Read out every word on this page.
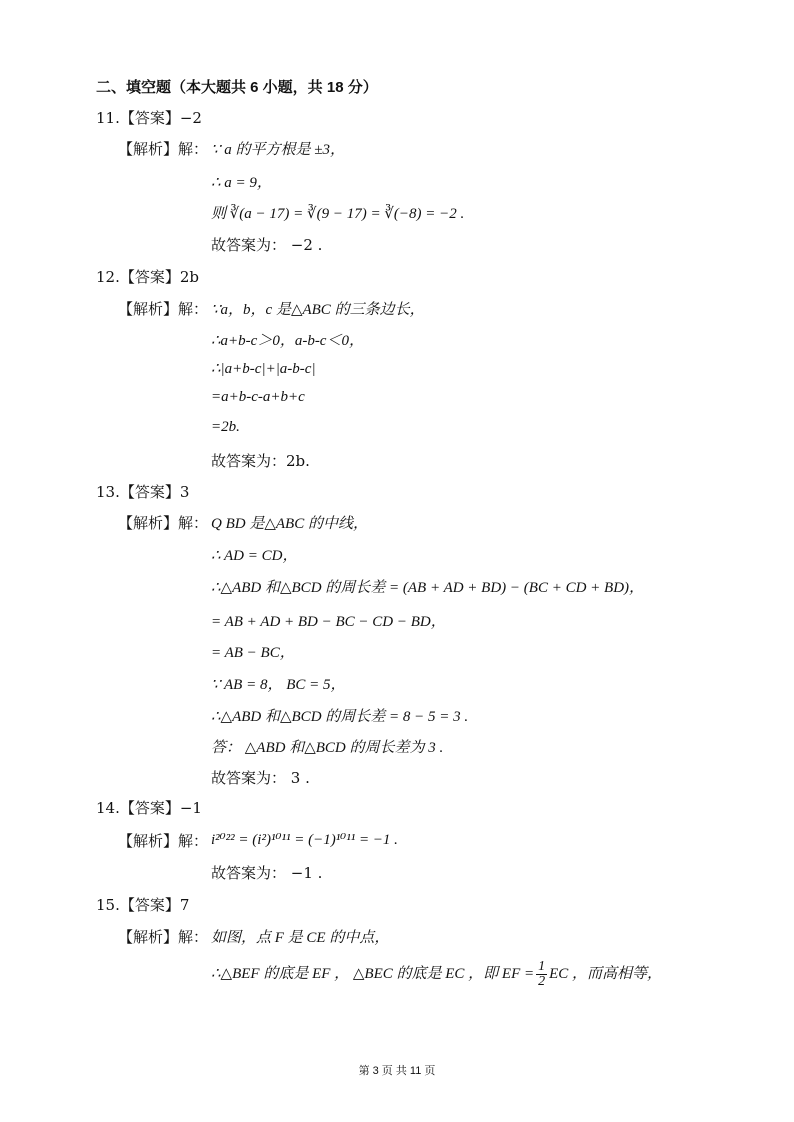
二、填空题（本大题共 6 小题，共 18 分）
11.【答案】−2
【解析】解： ∵ a 的平方根是 ±3，
∴ a = 9，
则 ∛(a − 17) = ∛(9 − 17) = ∛(−8) = −2 .
故答案为： −2 .
12.【答案】2b
【解析】解： ∵a，b，c 是△ABC 的三条边长，
∴a+b-c＞0，a-b-c＜0，
∴|a+b-c|+|a-b-c|
=a+b-c-a+b+c
=2b.
故答案为：2b.
13.【答案】3
【解析】解： Q BD 是△ABC 的中线，
∴ AD = CD，
∴△ABD 和△BCD 的周长差 = (AB + AD + BD) − (BC + CD + BD)，
= AB + AD + BD − BC − CD − BD，
= AB − BC，
∵ AB = 8， BC = 5，
∴△ABD 和△BCD 的周长差 = 8 − 5 = 3 .
答： △ABD 和△BCD 的周长差为 3 .
故答案为： 3 .
14.【答案】−1
【解析】解： i²⁰²² = (i²)¹⁰¹¹ = (−1)¹⁰¹¹ = −1 .
故答案为： −1 .
15.【答案】7
【解析】解： 如图，点 F 是 CE 的中点，
∴△BEF 的底是 EF ， △BEC 的底是 EC ，即 EF = $\frac{1}{2}$ EC ，而高相等，
第 3 页 共 11 页
